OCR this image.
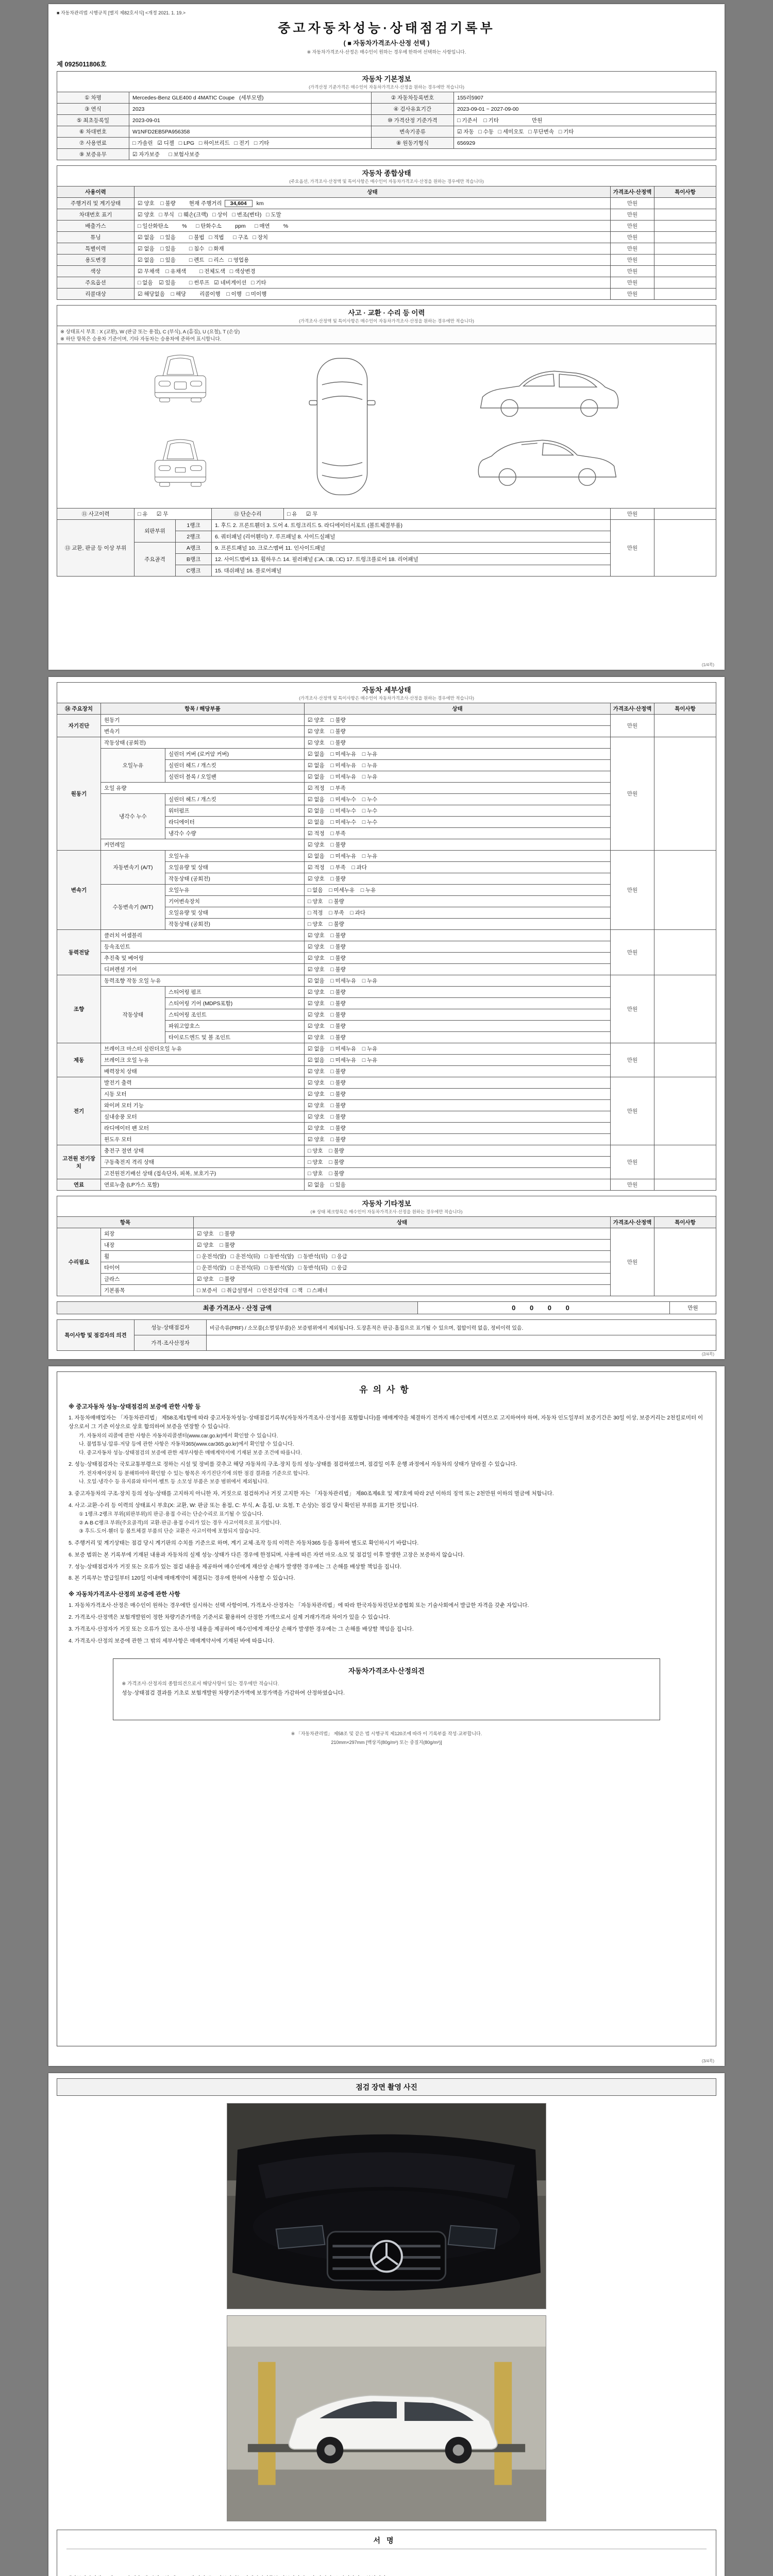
■ 자동차관리법 시행규칙 [별지 제82호서식] <개정 2021. 1. 19.>
중고자동차성능·상태점검기록부
( ■ 자동차가격조사·산정 선택 )
※ 자동차가격조사·산정은 매수인이 원하는 경우에 한하여 선택하는 사항입니다.
제 0925011806호
자동차 기본정보
(가격산정 기준가격은 매수인이 자동차가격조사·산정을 원하는 경우에만 적습니다)			

① 차명	Mercedes-Benz GLE400 d 4MATIC Coupe   (세부모델)	② 자동차등록번호	155러5907
③ 연식	2023	④ 검사유효기간	2023-09-01 ~ 2027-09-00
⑤ 최초등록일	2023-09-01	⑩ 가격산정 기준가격	□ 기준서    □ 기타                      만원
⑥ 차대번호	W1NFD2EB5PA956358	변속기종류	☑ 자동   □ 수동   □ 세미오토   □ 무단변속   □ 기타
⑦ 사용연료	□ 가솔린   ☑ 디젤   □ LPG   □ 하이브리드   □ 전기   □ 기타	⑧ 원동기형식	656929
⑨ 보증유무	☑ 자가보증      □ 보험사보증		
자동차 종합상태
(주요옵션, 가격조사·산정액 및 특이사항은 매수인이 자동차가격조사·산정을 원하는 경우에만 적습니다)			

사용이력	상태	가격조사·산정액	특이사항
주행거리 및 계기상태	☑ 양호    □ 불량 현재 주행거리 34,604 km	만원	
차대번호 표기	☑ 양호   □ 부식   □ 훼손(크랙)   □ 상이   □ 변조(변타)   □ 도말	만원	
배출가스	□ 일산화탄소         %      □ 탄화수소         ppm      □ 매연         %	만원	
튜닝	☑ 없음    □ 있음 □ 불법   □ 적법      □ 구조   □ 장치	만원	
특별이력	☑ 없음    □ 있음 □ 침수   □ 화재	만원	
용도변경	☑ 없음    □ 있음 □ 렌트   □ 리스   □ 영업용	만원	
색상	☑ 무채색    □ 유채색 □ 전체도색   □ 색상변경	만원	
주요옵션	□ 없음    ☑ 있음 □ 썬루프   ☑ 네비게이션   □ 기타	만원	
리콜대상	☑ 해당없음    □ 해당 리콜이행    □ 이행   □ 미이행	만원	
사고 · 교환 · 수리 등 이력
(가격조사·산정액 및 특이사항은 매수인이 자동차가격조사·산정을 원하는 경우에만 적습니다)						

※ 상태표시 부호 : X (교환), W (판금 또는 용접), C (부식), A (흠집), U (요철), T (손상)
※ 하단 항목은 승용차 기준이며, 기타 자동차는 승용차에 준하여 표시합니다.						

⑪ 사고이력	□ 유      ☑ 무		⑫ 단순수리	□ 유      ☑ 무	만원	
⑬ 교환, 판금 등 이상 부위	외판부위	1랭크	1. 후드 2. 프론트휀더 3. 도어 4. 트렁크리드 5. 라디에이터서포트 (볼트체결부품)		만원	
		2랭크	6. 쿼터패널 (리어휀더) 7. 루프패널 8. 사이드실패널			
	주요골격	A랭크	9. 프론트패널 10. 크로스멤버 11. 인사이드패널			
		B랭크	12. 사이드멤버 13. 휠하우스 14. 필러패널 (□A, □B, □C) 17. 트렁크플로어 18. 리어패널			
		C랭크	15. 대쉬패널 16. 플로어패널			
(1/4쪽)
자동차 세부상태
(가격조사·산정액 및 특이사항은 매수인이 자동차가격조사·산정을 원하는 경우에만 적습니다)					

⑭ 주요장치	항목 / 해당부품		상태	가격조사·산정액	특이사항
자기진단	원동기		☑ 양호    □ 불량	만원	
	변속기		☑ 양호    □ 불량		
원동기	작동상태 (공회전)		☑ 양호    □ 불량	만원	
	오일누유	실린더 커버 (로커암 커버)	☑ 없음    □ 미세누유    □ 누유		
		실린더 헤드 / 개스킷	☑ 없음    □ 미세누유    □ 누유		
		실린더 블록 / 오일팬	☑ 없음    □ 미세누유    □ 누유		
	오일 유량		☑ 적정    □ 부족		
	냉각수 누수	실린더 헤드 / 개스킷	☑ 없음    □ 미세누수    □ 누수		
		워터펌프	☑ 없음    □ 미세누수    □ 누수		
		라디에이터	☑ 없음    □ 미세누수    □ 누수		
		냉각수 수량	☑ 적정    □ 부족		
	커먼레일		☑ 양호    □ 불량		
변속기	자동변속기 (A/T)	오일누유	☑ 없음    □ 미세누유    □ 누유	만원	
		오일유량 및 상태	☑ 적정    □ 부족    □ 과다		
		작동상태 (공회전)	☑ 양호    □ 불량		
	수동변속기 (M/T)	오일누유	□ 없음    □ 미세누유    □ 누유		
		기어변속장치	□ 양호    □ 불량		
		오일유량 및 상태	□ 적정    □ 부족    □ 과다		
		작동상태 (공회전)	□ 양호    □ 불량		
동력전달	클러치 어셈블리		☑ 양호    □ 불량	만원	
	등속조인트		☑ 양호    □ 불량		
	추진축 및 베어링		☑ 양호    □ 불량		
	디퍼렌셜 기어		☑ 양호    □ 불량		
조향	동력조향 작동 오일 누유		☑ 없음    □ 미세누유    □ 누유	만원	
	작동상태	스티어링 펌프	☑ 양호    □ 불량		
		스티어링 기어 (MDPS포함)	☑ 양호    □ 불량		
		스티어링 조인트	☑ 양호    □ 불량		
		파워고압호스	☑ 양호    □ 불량		
		타이로드엔드 및 볼 조인트	☑ 양호    □ 불량		
제동	브레이크 마스터 실린더오일 누유		☑ 없음    □ 미세누유    □ 누유	만원	
	브레이크 오일 누유		☑ 없음    □ 미세누유    □ 누유		
	배력장치 상태		☑ 양호    □ 불량		
전기	발전기 출력		☑ 양호    □ 불량	만원	
	시동 모터		☑ 양호    □ 불량		
	와이퍼 모터 기능		☑ 양호    □ 불량		
	실내송풍 모터		☑ 양호    □ 불량		
	라디에이터 팬 모터		☑ 양호    □ 불량		
	윈도우 모터		☑ 양호    □ 불량		
고전원 전기장치	충전구 절연 상태		□ 양호    □ 불량	만원	
	구동축전지 격리 상태		□ 양호    □ 불량		
	고전원전기배선 상태 (접속단자, 피복, 보호기구)		□ 양호    □ 불량		
연료	연료누출 (LP가스 포함)		☑ 없음    □ 있음	만원	
자동차 기타정보
(※ 상태 체크항목은 매수인이 자동차가격조사·산정을 원하는 경우에만 적습니다)				

항목		상태	가격조사·산정액	특이사항
수리필요	외장	☑ 양호    □ 불량	만원	
	내장	☑ 양호    □ 불량		
	휠	□ 운전석(앞)   □ 운전석(뒤)   □ 동반석(앞)   □ 동반석(뒤)   □ 응급		
	타이어	□ 운전석(앞)   □ 운전석(뒤)   □ 동반석(앞)   □ 동반석(뒤)   □ 응급		
	글라스	☑ 양호    □ 불량		
	기본품목	□ 보증서   □ 취급설명서   □ 안전삼각대   □ 잭   □ 스패너		
최종 가격조사 · 산정 금액	0 0 0 0	만원
특이사항 및 점검자의 의견	성능·상태점검자	비금속류(PRF) / 소모품(소멸성부품)은 보증범위에서 제외됩니다. 도장흔적은 판금·흠집으로 표기될 수 있으며, 접합이력 없음, 정비이력 있음.
	가격·조사산정자	
(2/4쪽)
유의사항
※ 중고자동차 성능·상태점검의 보증에 관한 사항 등
1. 자동차매매업자는 「자동차관리법」 제58조제1항에 따라 중고자동차성능·상태점검기록부(자동차가격조사·산정서를 포함합니다)를 매매계약을 체결하기 전까지 매수인에게 서면으로 고지하여야 하며, 자동차 인도일부터 보증기간은 30일 이상, 보증거리는 2천킬로미터 이상으로서 그 기준 이상으로 상호 합의하여 보증을 연장할 수 있습니다.
가. 자동차의 리콜에 관한 사항은 자동차리콜센터(www.car.go.kr)에서 확인할 수 있습니다.
나. 불법튜닝·압류·저당 등에 관한 사항은 자동차365(www.car365.go.kr)에서 확인할 수 있습니다.
다. 중고자동차 성능·상태점검의 보증에 관한 세부사항은 매매계약서에 기재된 보증 조건에 따릅니다.
2. 성능·상태점검자는 국토교통부령으로 정하는 시설 및 장비를 갖추고 해당 자동차의 구조·장치 등의 성능·상태를 점검하였으며, 점검일 이후 운행 과정에서 자동차의 상태가 달라질 수 있습니다.
가. 전자제어장치 등 분해하여야 확인할 수 있는 항목은 자기진단기에 의한 점검 결과를 기준으로 합니다.
나. 오일·냉각수 등 유지류와 타이어·벨트 등 소모성 부품은 보증 범위에서 제외됩니다.
3. 중고자동차의 구조·장치 등의 성능·상태를 고지하지 아니한 자, 거짓으로 점검하거나 거짓 고지한 자는 「자동차관리법」 제80조제6호 및 제7호에 따라 2년 이하의 징역 또는 2천만원 이하의 벌금에 처합니다.
4. 사고·교환·수리 등 이력의 상태표시 부호(X: 교환, W: 판금 또는 용접, C: 부식, A: 흠집, U: 요철, T: 손상)는 점검 당시 확인된 부위를 표기한 것입니다.
① 1랭크·2랭크 부위(외판부위)의 판금·용접 수리는 단순수리로 표기될 수 있습니다.
② A·B·C랭크 부위(주요골격)의 교환·판금·용접 수리가 있는 경우 사고이력으로 표기합니다.
③ 후드·도어·휀더 등 볼트체결 부품의 단순 교환은 사고이력에 포함되지 않습니다.
5. 주행거리 및 계기상태는 점검 당시 계기판의 수치를 기준으로 하며, 계기 교체·조작 등의 이력은 자동차365 등을 통하여 별도로 확인하시기 바랍니다.
6. 보증 범위는 본 기록부에 기재된 내용과 자동차의 실제 성능·상태가 다른 경우에 한정되며, 사용에 따른 자연 마모·소모 및 점검일 이후 발생한 고장은 보증하지 않습니다.
7. 성능·상태점검자가 거짓 또는 오류가 있는 점검 내용을 제공하여 매수인에게 재산상 손해가 발생한 경우에는 그 손해를 배상할 책임을 집니다.
8. 본 기록부는 발급일부터 120일 이내에 매매계약이 체결되는 경우에 한하여 사용할 수 있습니다.
※ 자동차가격조사·산정의 보증에 관한 사항
1. 자동차가격조사·산정은 매수인이 원하는 경우에만 실시하는 선택 사항이며, 가격조사·산정자는 「자동차관리법」에 따라 한국자동차진단보증협회 또는 기술사회에서 발급한 자격을 갖춘 자입니다.
2. 가격조사·산정액은 보험개발원이 정한 차량기준가액을 기준서로 활용하여 산정한 가액으로서 실제 거래가격과 차이가 있을 수 있습니다.
3. 가격조사·산정자가 거짓 또는 오류가 있는 조사·산정 내용을 제공하여 매수인에게 재산상 손해가 발생한 경우에는 그 손해를 배상할 책임을 집니다.
4. 가격조사·산정의 보증에 관한 그 밖의 세부사항은 매매계약서에 기재된 바에 따릅니다.
자동차가격조사·산정의견
※ 가격조사·산정자의 종합의견으로서 해당사항이 있는 경우에만 적습니다.
성능·상태점검 결과를 기초로 보험개발원 차량기준가액에 보정가액을 가감하여 산정하였습니다.
※ 「자동차관리법」 제58조 및 같은 법 시행규칙 제120조에 따라 이 기록부를 작성·교부합니다.
210mm×297mm [백상지(80g/m²) 또는 중질지(80g/m²)]
(3/4쪽)
점검 장면 촬영 사진
서명
